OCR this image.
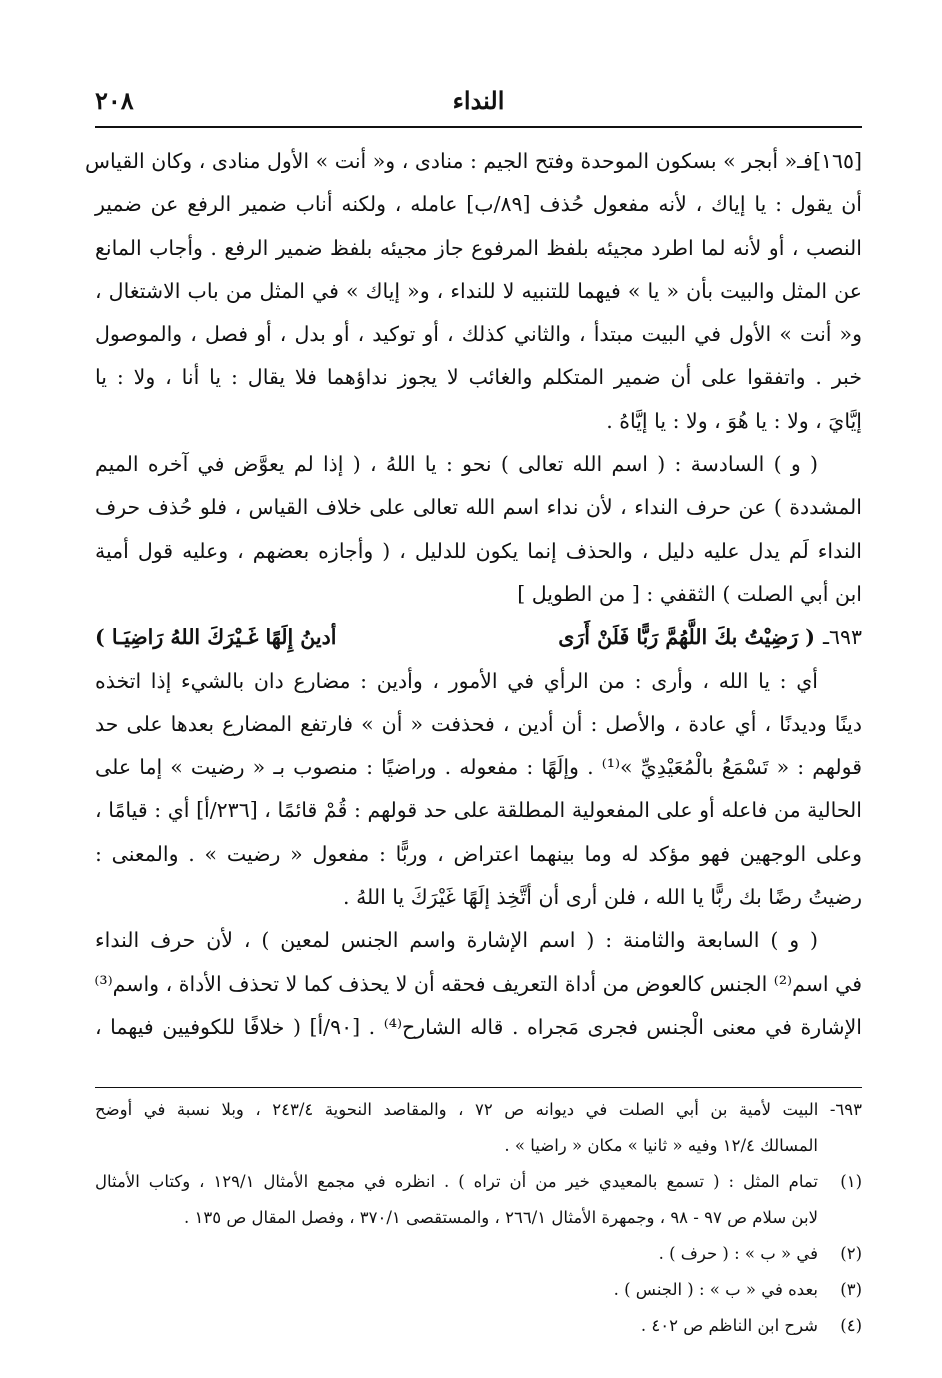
٢٠٨	النداء
[١٦٥]فـ« أبجر » بسكون الموحدة وفتح الجيم : منادى ، و« أنت » الأول منادى ، وكان القياس
أن يقول : يا إياك ، لأنه مفعول حُذف [٨٩/ب] عامله ، ولكنه أناب ضمير الرفع عن ضمير
النصب ، أو لأنه لما اطرد مجيئه بلفظ المرفوع جاز مجيئه بلفظ ضمير الرفع . وأجاب المانع
عن المثل والبيت بأن « يا » فيهما للتنبيه لا للنداء ، و« إياك » في المثل من باب الاشتغال ،
و« أنت » الأول في البيت مبتدأ ، والثاني كذلك ، أو توكيد ، أو بدل ، أو فصل ، والموصول
خبر . واتفقوا على أن ضمير المتكلم والغائب لا يجوز نداؤهما فلا يقال : يا أنا ، ولا : يا
إيَّايَ ، ولا : يا هُوَ ، ولا : يا إيَّاهُ .
( و ) السادسة : ( اسم الله تعالى ) نحو : يا اللهُ ، ( إذا لم يعوَّض في آخره الميم
المشددة ) عن حرف النداء ، لأن نداء اسم الله تعالى على خلاف القياس ، فلو حُذف حرف
النداء لَم يدل عليه دليل ، والحذف إنما يكون للدليل ، ( وأجازه بعضهم ، وعليه قول أمية
ابن أبي الصلت ) الثقفي : [ من الطويل ]
٦٩٣ـ( رَضِيْتُ بكَ اللَّهُمَّ رَبًّا فَلَنْ أَرَى
أدينُ إِلَهًا غَـيْرَكَ اللهُ رَاضِيَـا )
أي : يا الله ، وأرى : من الرأي في الأمور ، وأدين : مضارع دان بالشيء إذا اتخذه
دينًا وديدنًا ، أي عادة ، والأصل : أن أدين ، فحذفت « أن » فارتفع المضارع بعدها على حد
قولهم : « تَسْمَعُ بالْمُعَيْدِيِّ »⁽¹⁾ . وإلَهًا : مفعوله . وراضيًا : منصوب بـ « رضيت » إما على
الحالية من فاعله أو على المفعولية المطلقة على حد قولهم : قُمْ قائمًا ، [٢٣٦/أ] أي : قيامًا ،
وعلى الوجهين فهو مؤكد له وما بينهما اعتراض ، وربًّا : مفعول « رضيت » . والمعنى :
رضيتُ رضًا بك ربًّا يا الله ، فلن أرى أن أتَّخِذ إلَهًا غَيْرَكَ يا اللهُ .
( و ) السابعة والثامنة : ( اسم الإشارة واسم الجنس لمعين ) ، لأن حرف النداء
في اسم⁽²⁾ الجنس كالعوض من أداة التعريف فحقه أن لا يحذف كما لا تحذف الأداة ، واسم⁽³⁾
الإشارة في معنى الْجنس فجرى مَجراه . قاله الشارح⁽⁴⁾ . [٩٠/أ] ( خلافًا للكوفيين فيهما ،
٦٩٣- البيت لأمية بن أبي الصلت في ديوانه ص ٧٢ ، والمقاصد النحوية ٢٤٣/٤ ، وبلا نسبة في أوضح
المسالك ١٢/٤ وفيه « ثانيا » مكان « راضيا » .
(١)
تمام المثل : ( تسمع بالمعيدي خير من أن تراه ) . انظره في مجمع الأمثال ١٢٩/١ ، وكتاب الأمثال
لابن سلام ص ٩٧ - ٩٨ ، وجمهرة الأمثال ٢٦٦/١ ، والمستقصى ٣٧٠/١ ، وفصل المقال ص ١٣٥ .
(٢)
في « ب » : ( حرف ) .
(٣)
بعده في « ب » : ( الجنس ) .
(٤)
شرح ابن الناظم ص ٤٠٢ .
